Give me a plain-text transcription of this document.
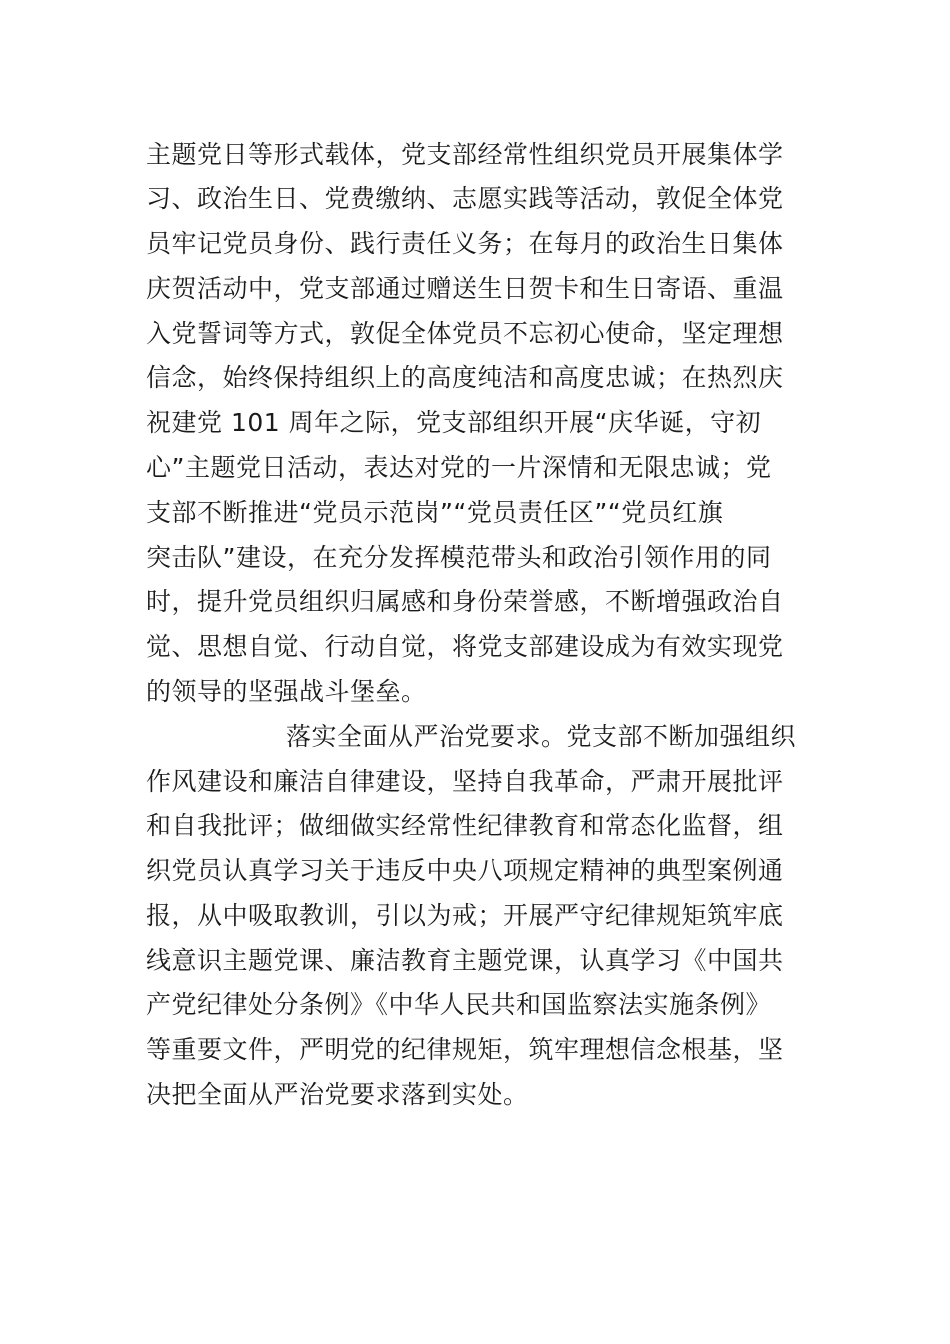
主题党日等形式载体，党支部经常性组织党员开展集体学
习、政治生日、党费缴纳、志愿实践等活动，敦促全体党
员牢记党员身份、践行责任义务；在每月的政治生日集体
庆贺活动中，党支部通过赠送生日贺卡和生日寄语、重温
入党誓词等方式，敦促全体党员不忘初心使命，坚定理想
信念，始终保持组织上的高度纯洁和高度忠诚；在热烈庆
祝建党 101 周年之际，党支部组织开展“庆华诞，守初
心”主题党日活动，表达对党的一片深情和无限忠诚；党
支部不断推进“党员示范岗”“党员责任区”“党员红旗
突击队”建设，在充分发挥模范带头和政治引领作用的同
时，提升党员组织归属感和身份荣誉感，不断增强政治自
觉、思想自觉、行动自觉，将党支部建设成为有效实现党
的领导的坚强战斗堡垒。
落实全面从严治党要求。党支部不断加强组织
作风建设和廉洁自律建设，坚持自我革命，严肃开展批评
和自我批评；做细做实经常性纪律教育和常态化监督，组
织党员认真学习关于违反中央八项规定精神的典型案例通
报，从中吸取教训，引以为戒；开展严守纪律规矩筑牢底
线意识主题党课、廉洁教育主题党课，认真学习《中国共
产党纪律处分条例》《中华人民共和国监察法实施条例》
等重要文件，严明党的纪律规矩，筑牢理想信念根基，坚
决把全面从严治党要求落到实处。
